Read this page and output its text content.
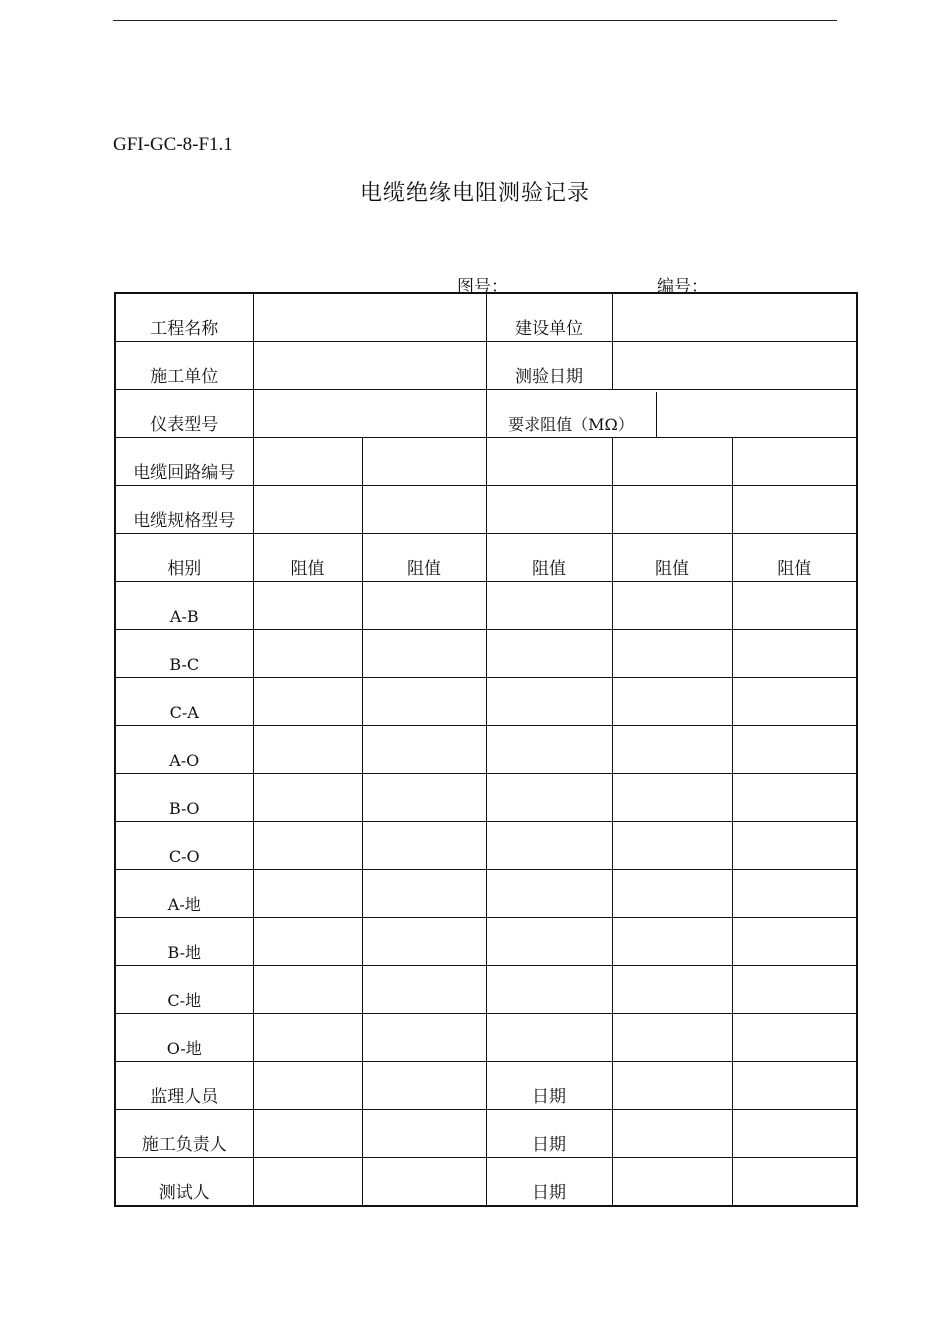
GFI-GC-8-F1.1
电缆绝缘电阻测验记录
图号：	编号：
工程名称			建设单位		
施工单位			测验日期		
仪表型号			要求阻值（MΩ）		

电缆回路编号					
电缆规格型号					
相别	阻值	阻值	阻值	阻值	阻值
A-B					
B-C					
C-A					
A-O					
B-O					
C-O					
A-地					
B-地					
C-地					
O-地					
监理人员			日期		
施工负责人			日期		
测试人			日期		
